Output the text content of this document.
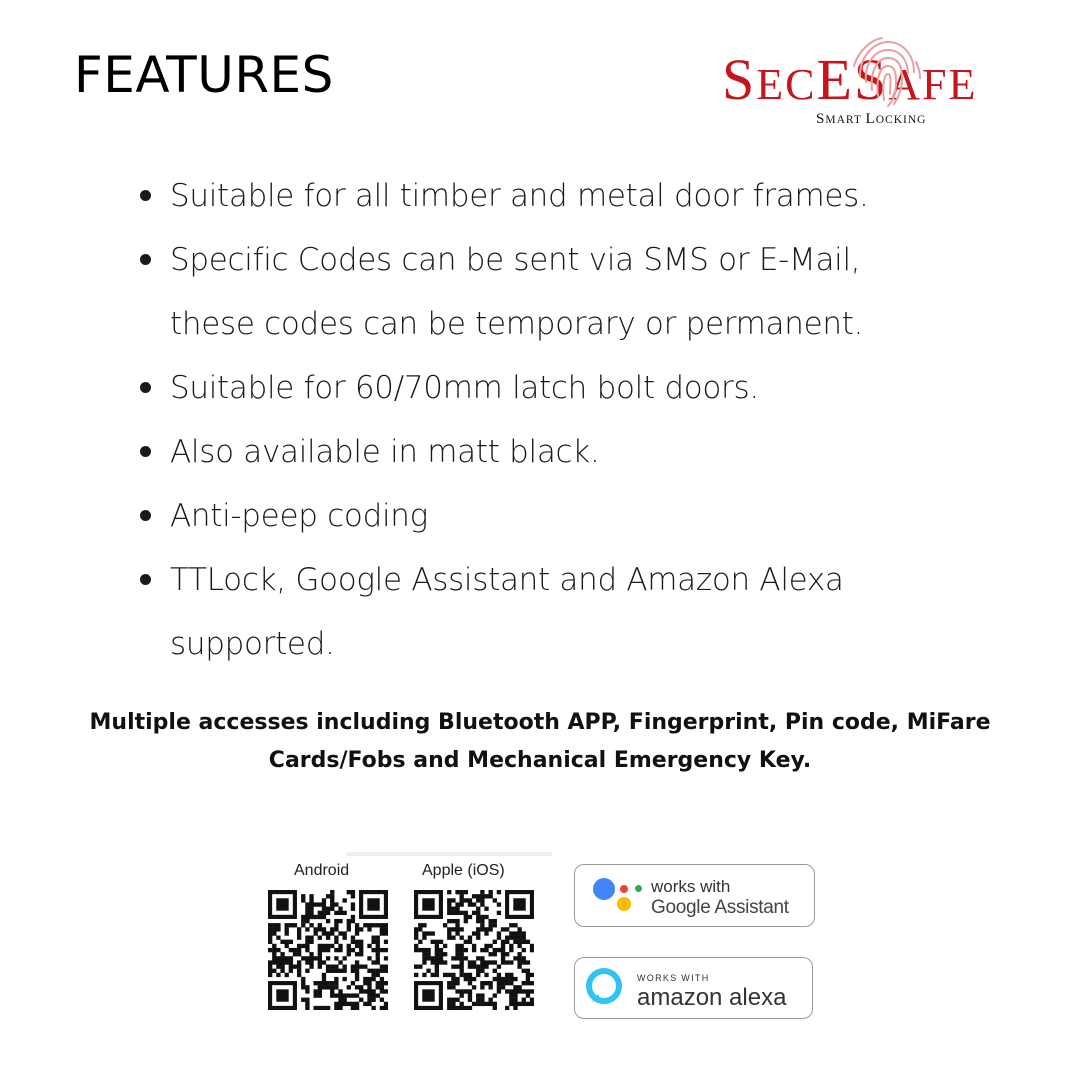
FEATURES	SECESAFE
SMART LOCKING
Suitable for all timber and metal door frames.
Specific Codes can be sent via SMS or E-Mail,
these codes can be temporary or permanent.
Suitable for 60/70mm latch bolt doors.
Also available in matt black.
Anti-peep coding
TTLock, Google Assistant and Amazon Alexa
supported.
Multiple accesses including Bluetooth APP, Fingerprint, Pin code, MiFare
Cards/Fobs and Mechanical Emergency Key.
Android	Apple (iOS)
works with
Google Assistant
WORKS WITH
amazon alexa
